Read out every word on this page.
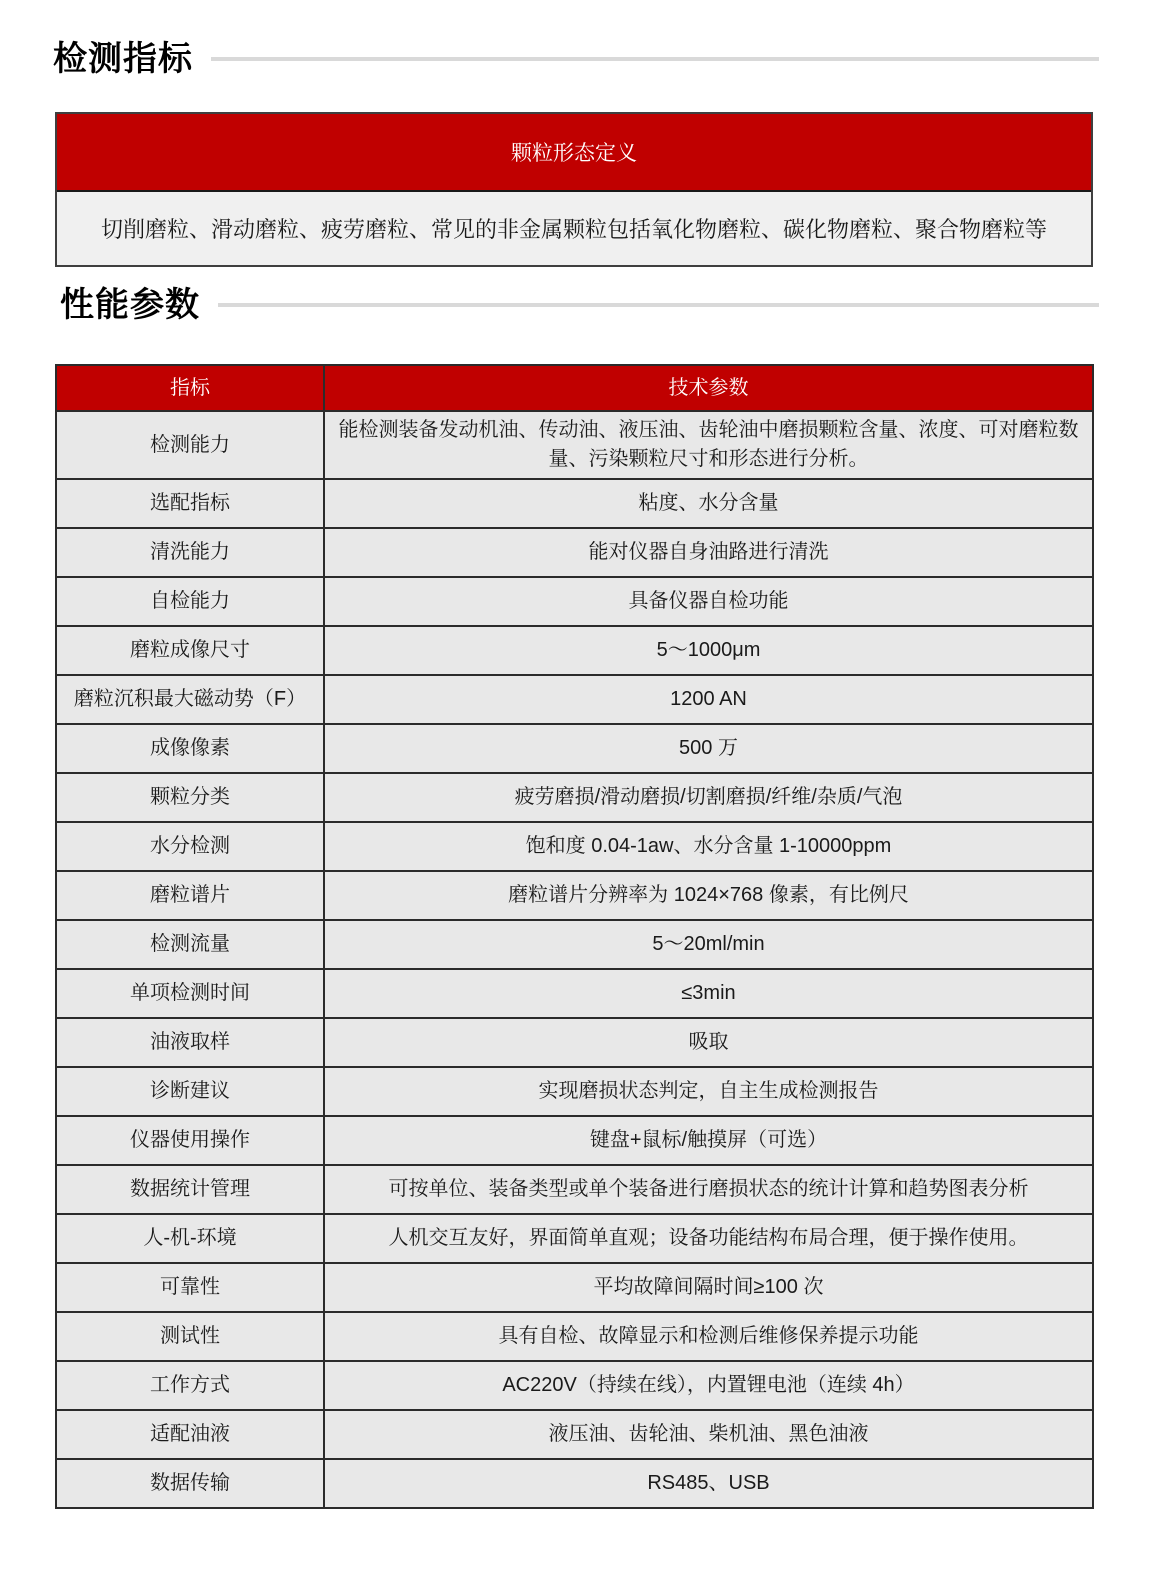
检测指标
颗粒形态定义
切削磨粒、滑动磨粒、疲劳磨粒、常见的非金属颗粒包括氧化物磨粒、碳化物磨粒、聚合物磨粒等
性能参数
指标	技术参数
检测能力	能检测装备发动机油、传动油、液压油、齿轮油中磨损颗粒含量、浓度、可对磨粒数量、污染颗粒尺寸和形态进行分析。
选配指标	粘度、水分含量
清洗能力	能对仪器自身油路进行清洗
自检能力	具备仪器自检功能
磨粒成像尺寸	5～1000μm
磨粒沉积最大磁动势（F）	1200 AN
成像像素	500 万
颗粒分类	疲劳磨损/滑动磨损/切割磨损/纤维/杂质/气泡
水分检测	饱和度 0.04-1aw、水分含量 1-10000ppm
磨粒谱片	磨粒谱片分辨率为 1024×768 像素，有比例尺
检测流量	5～20ml/min
单项检测时间	≤3min
油液取样	吸取
诊断建议	实现磨损状态判定，自主生成检测报告
仪器使用操作	键盘+鼠标/触摸屏（可选）
数据统计管理	可按单位、装备类型或单个装备进行磨损状态的统计计算和趋势图表分析
人-机-环境	人机交互友好，界面简单直观；设备功能结构布局合理，便于操作使用。
可靠性	平均故障间隔时间≥100 次
测试性	具有自检、故障显示和检测后维修保养提示功能
工作方式	AC220V（持续在线），内置锂电池（连续 4h）
适配油液	液压油、齿轮油、柴机油、黑色油液
数据传输	RS485、USB
